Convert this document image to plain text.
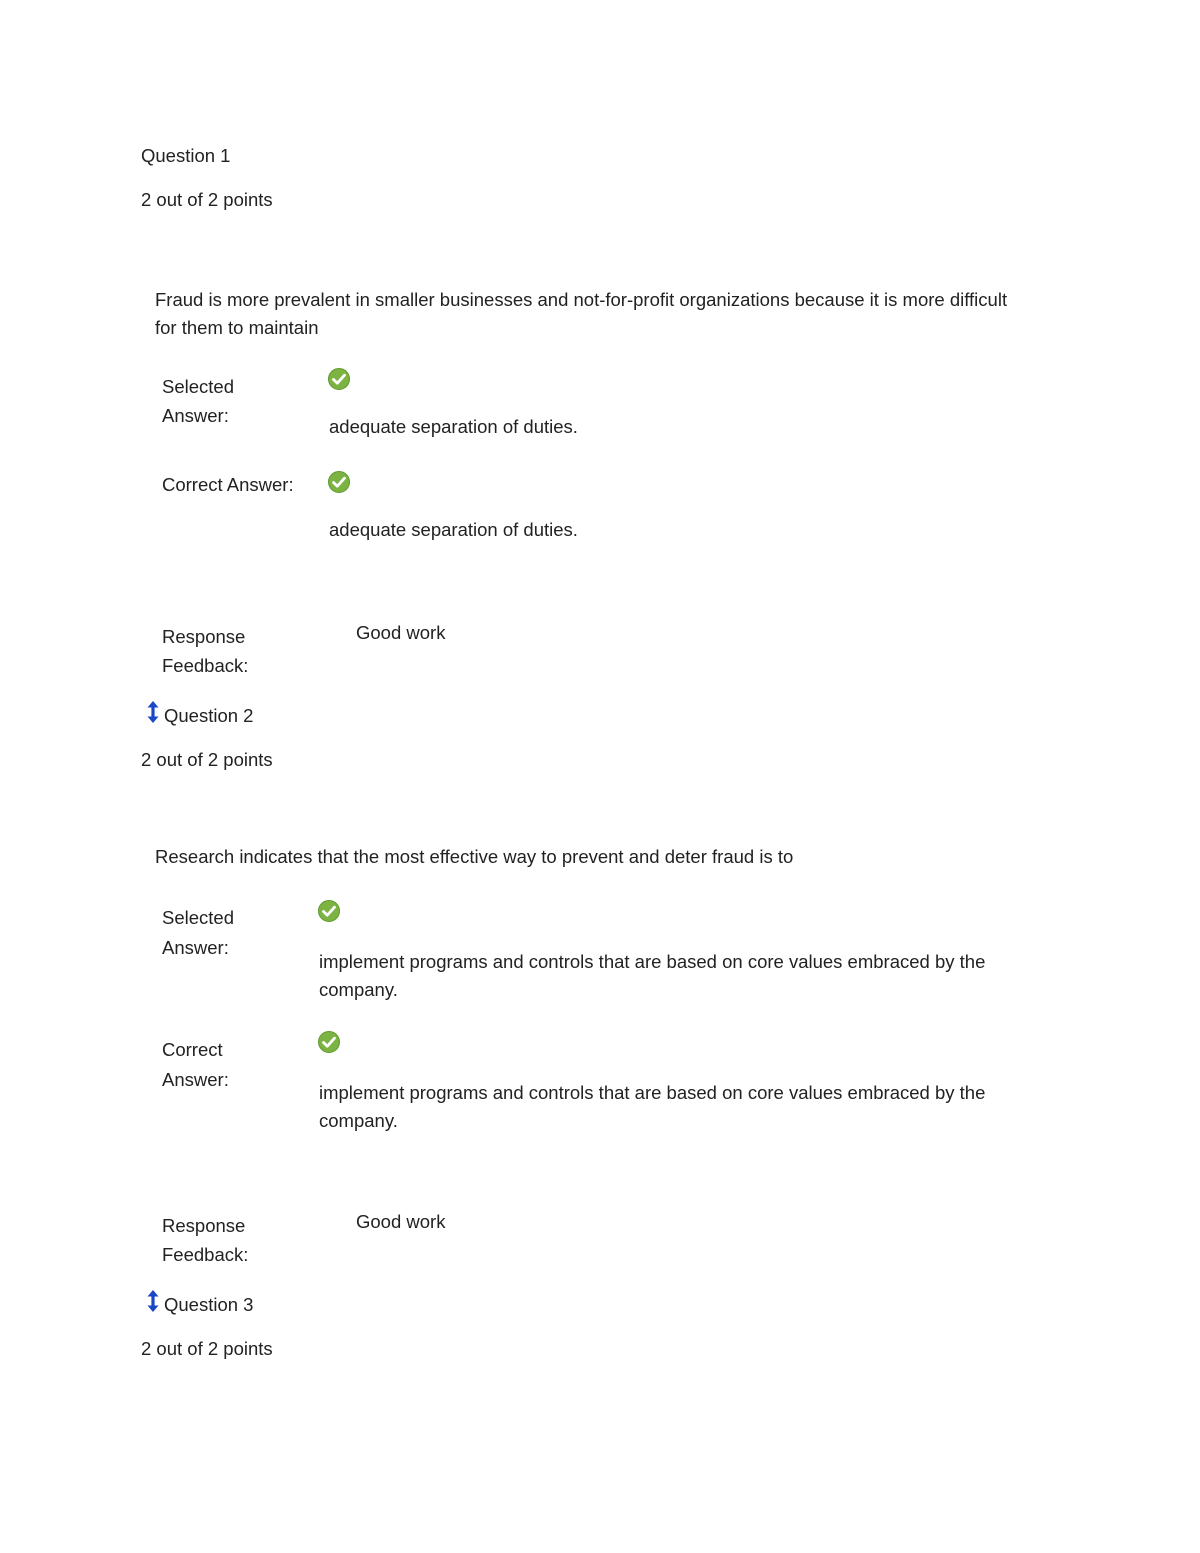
Question 1
2 out of 2 points
Fraud is more prevalent in smaller businesses and not-for-profit organizations because it is more difficult for them to maintain
Selected
Answer:
adequate separation of duties.
Correct Answer:
adequate separation of duties.
Response
Feedback:
Good work
Question 2
2 out of 2 points
Research indicates that the most effective way to prevent and deter fraud is to
Selected
Answer:
implement programs and controls that are based on core values embraced by the company.
Correct
Answer:
implement programs and controls that are based on core values embraced by the company.
Response
Feedback:
Good work
Question 3
2 out of 2 points
